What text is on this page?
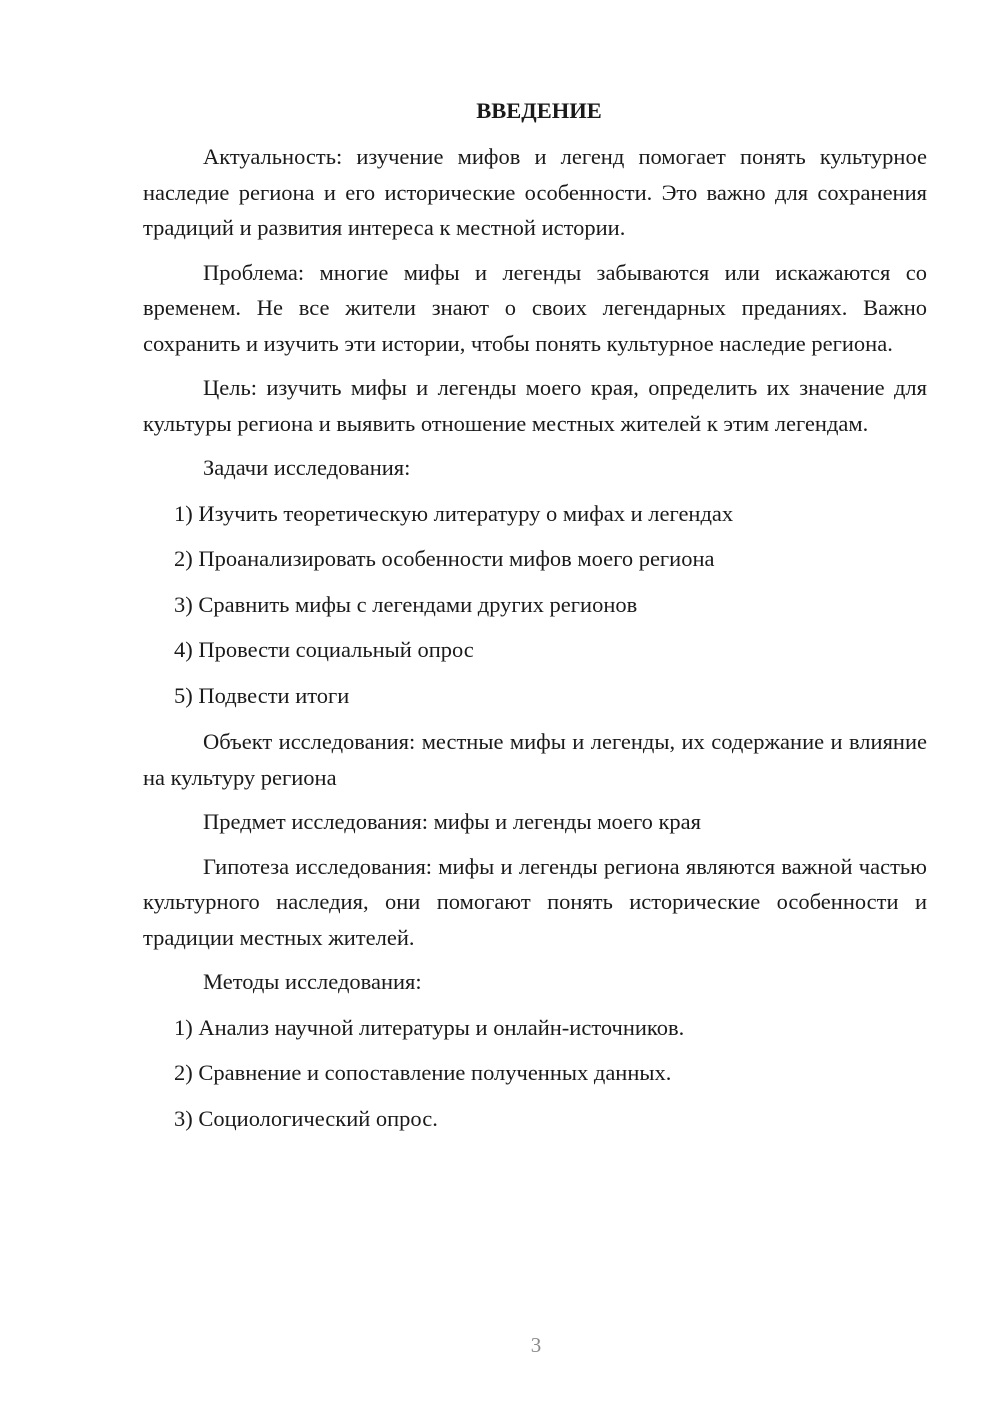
ВВЕДЕНИЕ

Актуальность: изучение мифов и легенд помогает понять культурное наследие региона и его исторические особенности. Это важно для сохранения традиций и развития интереса к местной истории.

Проблема: многие мифы и легенды забываются или искажаются со временем. Не все жители знают о своих легендарных преданиях. Важно сохранить и изучить эти истории, чтобы понять культурное наследие региона.

Цель: изучить мифы и легенды моего края, определить их значение для культуры региона и выявить отношение местных жителей к этим легендам.

Задачи исследования:

1) Изучить теоретическую литературу о мифах и легендах
2) Проанализировать особенности мифов моего региона
3) Сравнить мифы с легендами других регионов
4) Провести социальный опрос
5) Подвести итоги

Объект исследования: местные мифы и легенды, их содержание и влияние на культуру региона

Предмет исследования: мифы и легенды моего края

Гипотеза исследования: мифы и легенды региона являются важной частью культурного наследия, они помогают понять исторические особенности и традиции местных жителей.

Методы исследования:

1) Анализ научной литературы и онлайн-источников.
2) Сравнение и сопоставление полученных данных.
3) Социологический опрос.
3
